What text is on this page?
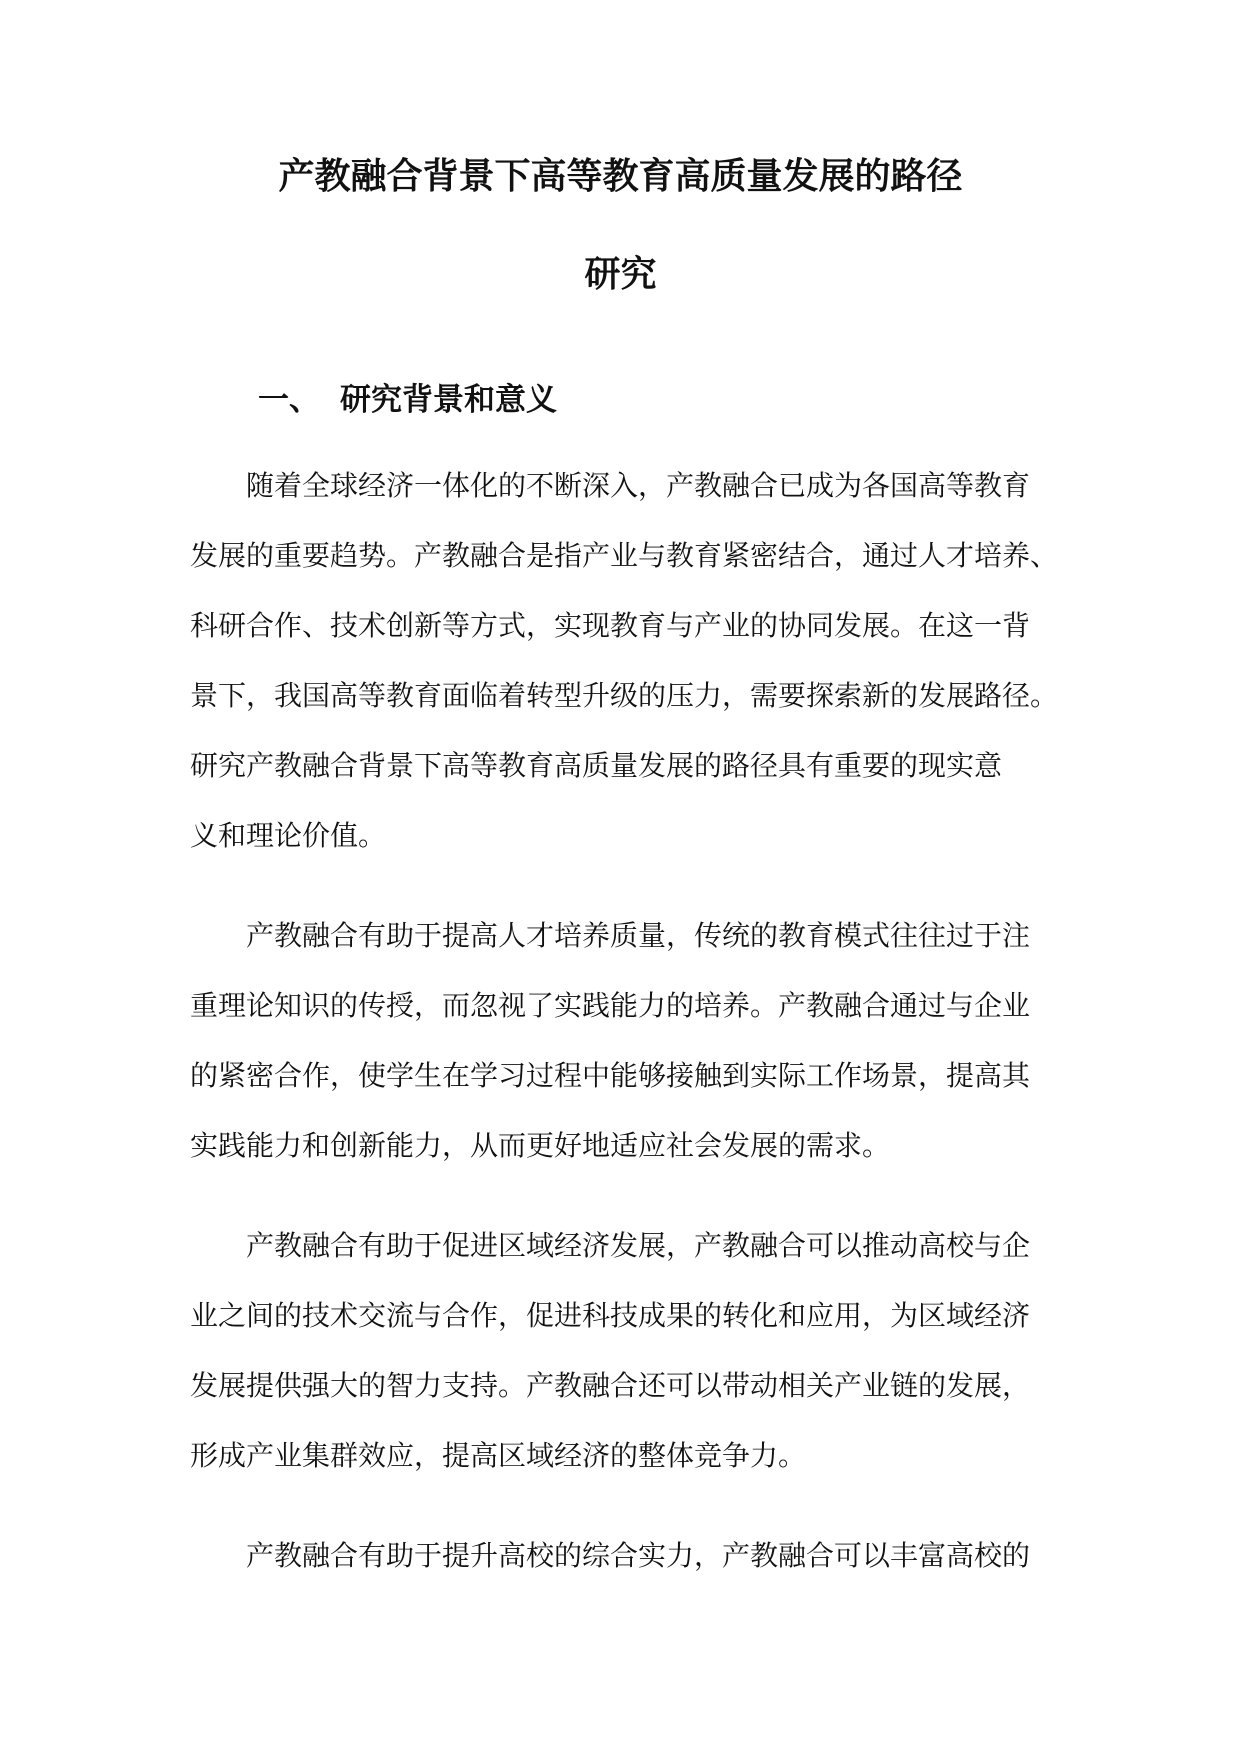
产教融合背景下高等教育高质量发展的路径
研究
一、 研究背景和意义
随着全球经济一体化的不断深入，产教融合已成为各国高等教育
发展的重要趋势。产教融合是指产业与教育紧密结合，通过人才培养、
科研合作、技术创新等方式，实现教育与产业的协同发展。在这一背
景下，我国高等教育面临着转型升级的压力，需要探索新的发展路径。
研究产教融合背景下高等教育高质量发展的路径具有重要的现实意
义和理论价值。
产教融合有助于提高人才培养质量，传统的教育模式往往过于注
重理论知识的传授，而忽视了实践能力的培养。产教融合通过与企业
的紧密合作，使学生在学习过程中能够接触到实际工作场景，提高其
实践能力和创新能力，从而更好地适应社会发展的需求。
产教融合有助于促进区域经济发展，产教融合可以推动高校与企
业之间的技术交流与合作，促进科技成果的转化和应用，为区域经济
发展提供强大的智力支持。产教融合还可以带动相关产业链的发展，
形成产业集群效应，提高区域经济的整体竞争力。
产教融合有助于提升高校的综合实力，产教融合可以丰富高校的
